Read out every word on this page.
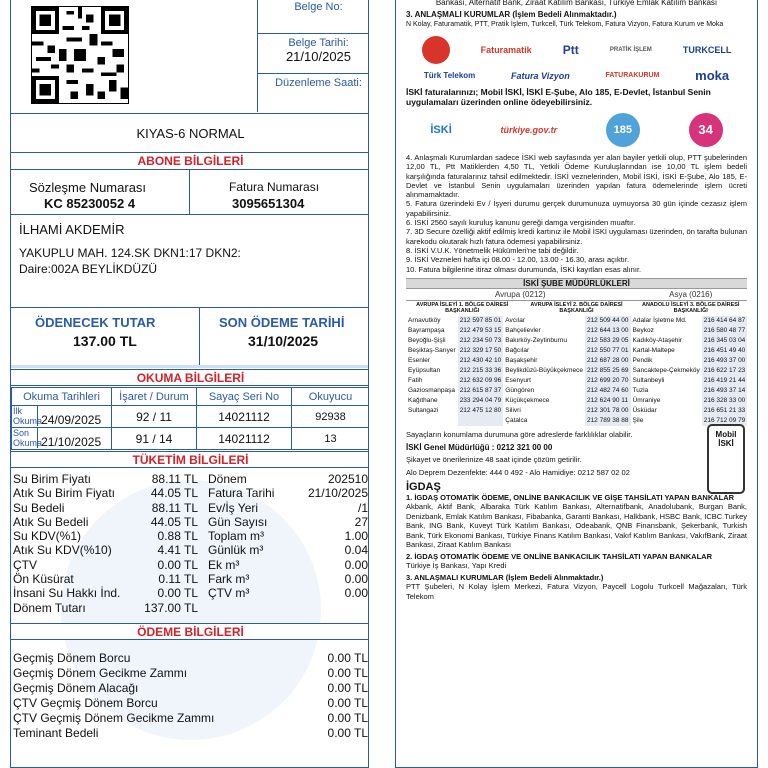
Belge No:
Belge Tarihi:
21/10/2025
Düzenleme Saati:
KIYAS-6 NORMAL
ABONE BİLGİLERİ
Sözleşme Numarası
KC 85230052 4
Fatura Numarası
3095651304
İLHAMİ AKDEMİR
YAKUPLU MAH. 124.SK DKN1:17 DKN2:
Daire:002A BEYLİKDÜZÜ
ÖDENECEK TUTAR
137.00 TL
SON ÖDEME TARİHİ
31/10/2025
OKUMA BİLGİLERİ
Okuma Tarihleri	İşaret / Durum	Sayaç Seri No	Okuyucu
İlk Okuma 24/09/2025	92 / 11	14021112	92938
Son Okuma 21/10/2025	91 / 14	14021112	13
TÜKETİM BİLGİLERİ
Su Birim Fiyatı	88.11 TL Dönem	202510
Atık Su Birim Fiyatı	44.05 TL Fatura Tarihi	21/10/2025
Su Bedeli	88.11 TL Ev/İş Yeri	/1
Atık Su Bedeli	44.05 TL Gün Sayısı	27
Su KDV(%1)	0.88 TL Toplam m³	1.00
Atık Su KDV(%10)	4.41 TL Günlük m³	0.04
ÇTV	0.00 TL Ek m³	0.00
Ön Küsürat	0.11 TL Fark m³	0.00
İnsani Su Hakkı İnd.	0.00 TL ÇTV m³	0.00
Dönem Tutarı	137.00 TL
ÖDEME BİLGİLERİ
Geçmiş Dönem Borcu	0.00 TL
Geçmiş Dönem Gecikme Zammı	0.00 TL
Geçmiş Dönem Alacağı	0.00 TL
ÇTV Geçmiş Dönem Borcu	0.00 TL
ÇTV Geçmiş Dönem Gecikme Zammı	0.00 TL
Teminant Bedeli	0.00 TL
Bankası, Alternatif Bank, Ziraat Katılım Bankası, Türkiye Emlak Katılım Bankası
3. ANLAŞMALI KURUMLAR (İşlem Bedeli Alınmaktadır.)
N Kolay, Faturamatik, PTT, Pratik İşlem, Turkcell, Türk Telekom, Fatura Vizyon, Fatura Kurum ve Moka
Faturamatik	Ptt	PRATİK İŞLEM	TURKCELL
Türk Telekom	Fatura Vizyon	FATURAKURUM	moka
İSKİ faturalarınızı; Mobil İSKİ, İSKİ E-Şube, Alo 185, E-Devlet, İstanbul Senin uygulamaları üzerinden online ödeyebilirsiniz.
İSKİ	türkiye.gov.tr	185	34
4. Anlaşmalı Kurumlardan sadece İSKİ web sayfasında yer alan bayiler yetkili olup, PTT şubelerinden 12,00 TL, Ptt Matiklerden 4,50 TL, Yetkili Ödeme Kuruluşlarından ise 10,00 TL işlem bedeli karşılığında faturalarınız tahsil edilmektedir. İSKİ veznelerinden, Mobil İSKİ, İSKİ E-Şube, Alo 185, E-Devlet ve İstanbul Senin uygulamaları üzerinden yapılan fatura ödemelerinde işlem ücreti alınmamaktadır.
5. Fatura üzerindeki Ev / İşyeri durumu gerçek durumunuza uymuyorsa 30 gün içinde cezasız işlem yapabilirsiniz.
6. İSKİ 2560 sayılı kuruluş kanunu gereği damga vergisinden muaftır.
7. 3D Secure özelliği aktif edilmiş kredi kartınız ile Mobil İSKİ uygulaması üzerinden, ön tarafta bulunan karekodu okutarak hızlı fatura ödemesi yapabilirsiniz.
8. İSKİ V.U.K. Yönetmelik Hükümleri'ne tabi değildir.
9. İSKİ Vezneleri hafta içi 08.00 - 12.00, 13.00 - 16.30, arası açıktır.
10. Fatura bilgilerine itiraz olması durumunda, İSKİ kayıtları esas alınır.
İSKİ ŞUBE MÜDÜRLÜKLERİ
Avrupa (0212)	Asya (0216)
AVRUPA İSLEYİ 1. BÖLGE DAİRESİ BAŞKANLIĞI
AVRUPA İSLEYİ 2. BÖLGE DAİRESİ BAŞKANLIĞI
ANADOLU İSLEYİ 3. BÖLGE DAİRESİ BAŞKANLIĞI
Arnavutköy	212 597 85 01	Avcılar	212 509 44 00	Adalar İşletme Md.	216 414 64 87
Bayrampaşa	212 479 53 15	Bahçelievler	212 644 13 00	Beykoz	216 580 48 77
Beyoğlu-Şişli	212 234 50 73	Bakırköy-Zeytinburnu	212 583 29 05	Kadıköy-Ataşehir	216 345 03 04
Beşiktaş-Sarıyer	212 329 17 50	Bağcılar	212 550 77 01	Kartal-Maltepe	216 451 49 40
Esenler	212 430 42 10	Başakşehir	212 687 28 00	Pendik	216 493 37 00
Eyüpsultan	212 215 33 36	Beylikdüzü-Büyükçekmece	212 855 25 69	Sancaktepe-Çekmeköy	216 622 17 23
Fatih	212 632 09 96	Esenyurt	212 699 20 70	Sultanbeyli	216 419 21 44
Gaziosmanpaşa	212 615 87 37	Güngören	212 482 74 60	Tuzla	216 493 37 14
Kağıthane	233 294 04 79	Küçükçekmece	212 624 90 11	Ümraniye	216 328 33 00
Sultangazi	212 475 12 80	Silivri	212 301 78 00	Üsküdar	216 651 21 33
		Çatalca	212 789 38 88	Şile	216 712 09 79
Sayaçların konumlama durumuna göre adreslerde farklılıklar olabilir.
İSKİ Genel Müdürlüğü : 0212 321 00 00
Şikayet ve önerilerinize 48 saat içinde çözüm getirilir.
Alo Deprem Dezenfekte: 444 0 492 - Alo Hamidiye: 0212 587 02 02
Mobil İSKİ
İGDAŞ
1. İGDAŞ OTOMATİK ÖDEME, ONLİNE BANKACILIK VE GİŞE TAHSİLATI YAPAN BANKALAR
Akbank, Aktif Bank, Albaraka Türk Katılım Bankası, Alternatifbank, Anadolubank, Burgan Bank, Denizbank, Emlak Katılım Bankası, Fibabanka, Garanti Bankası, Halkbank, HSBC Bank, ICBC Turkey Bank, ING Bank, Kuveyt Türk Katılım Bankası, Odeabank, QNB Finansbank, Şekerbank, Turkish Bank, Türk Ekonomi Bankası, Türkiye Finans Katılım Bankası, Vakıf Katılım Bankası, VakıfBank, Ziraat Bankası, Ziraat Katılım Bankası
2. İGDAŞ OTOMATİK ÖDEME VE ONLİNE BANKACILIK TAHSİLATI YAPAN BANKALAR
Türkiye İş Bankası, Yapı Kredi
3. ANLAŞMALI KURUMLAR (İşlem Bedeli Alınmaktadır.)
PTT Şubeleri, N Kolay İşlem Merkezi, Fatura Vizyon, Paycell Logolu Turkcell Mağazaları, Türk Telekom
